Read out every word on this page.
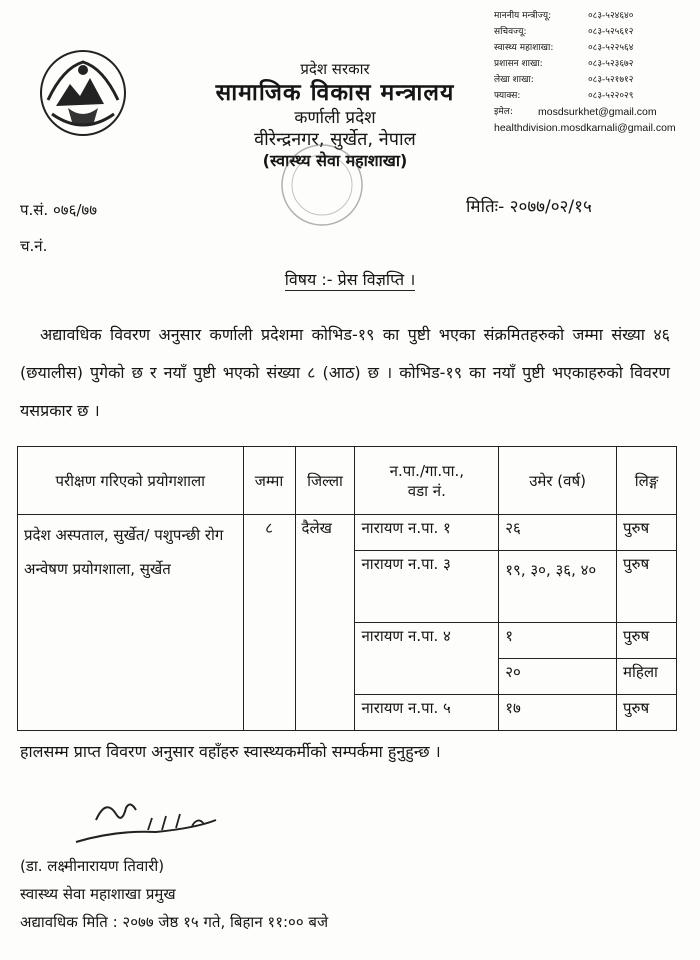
प्रदेश सरकार
सामाजिक विकास मन्त्रालय
कर्णाली प्रदेश
वीरेन्द्रनगर, सुर्खेत, नेपाल
(स्वास्थ्य सेवा महाशाखा)
माननीय मन्त्रीज्यू:	०८३-५२४६४०
सचिवज्यू:	०८३-५२५६१२
स्वास्थ्य महाशाखा:	०८३-५२२५६४
प्रशासन शाखा:	०८३-५२३६७२
लेखा शाखा:	०८३-५२१७१२
फ्याक्स:	०८३-५२२०२९
इमेल:	mosdsurkhet@gmail.com
healthdivision.mosdkarnali@gmail.com
प.सं. ०७६/७७
च.नं.
मितिः- २०७७/०२/१५
विषय :- प्रेस विज्ञप्ति ।
अद्यावधिक विवरण अनुसार कर्णाली प्रदेशमा कोभिड-१९ का पुष्टी भएका संक्रमितहरुको जम्मा संख्या ४६ (छयालीस) पुगेको छ र नयाँ पुष्टी भएको संख्या ८ (आठ) छ । कोभिड-१९ का नयाँ पुष्टी भएकाहरुको विवरण यसप्रकार छ ।
परीक्षण गरिएको प्रयोगशाला	जम्मा	जिल्ला	न.पा./गा.पा.,
वडा नं.	उमेर (वर्ष)	लिङ्ग
प्रदेश अस्पताल, सुर्खेत/ पशुपन्छी रोग अन्वेषण प्रयोगशाला, सुर्खेत	८	दैलेख	नारायण न.पा. १	२६	पुरुष
			नारायण न.पा. ३	१९, ३०, ३६, ४०	पुरुष
			नारायण न.पा. ४	१	पुरुष
				२०	महिला
			नारायण न.पा. ५	१७	पुरुष
हालसम्म प्राप्त विवरण अनुसार वहाँहरु स्वास्थ्यकर्मीको सम्पर्कमा हुनुहुन्छ ।
(डा. लक्ष्मीनारायण तिवारी)
स्वास्थ्य सेवा महाशाखा प्रमुख
अद्यावधिक मिति : २०७७ जेष्ठ १५ गते, बिहान ११:०० बजे
